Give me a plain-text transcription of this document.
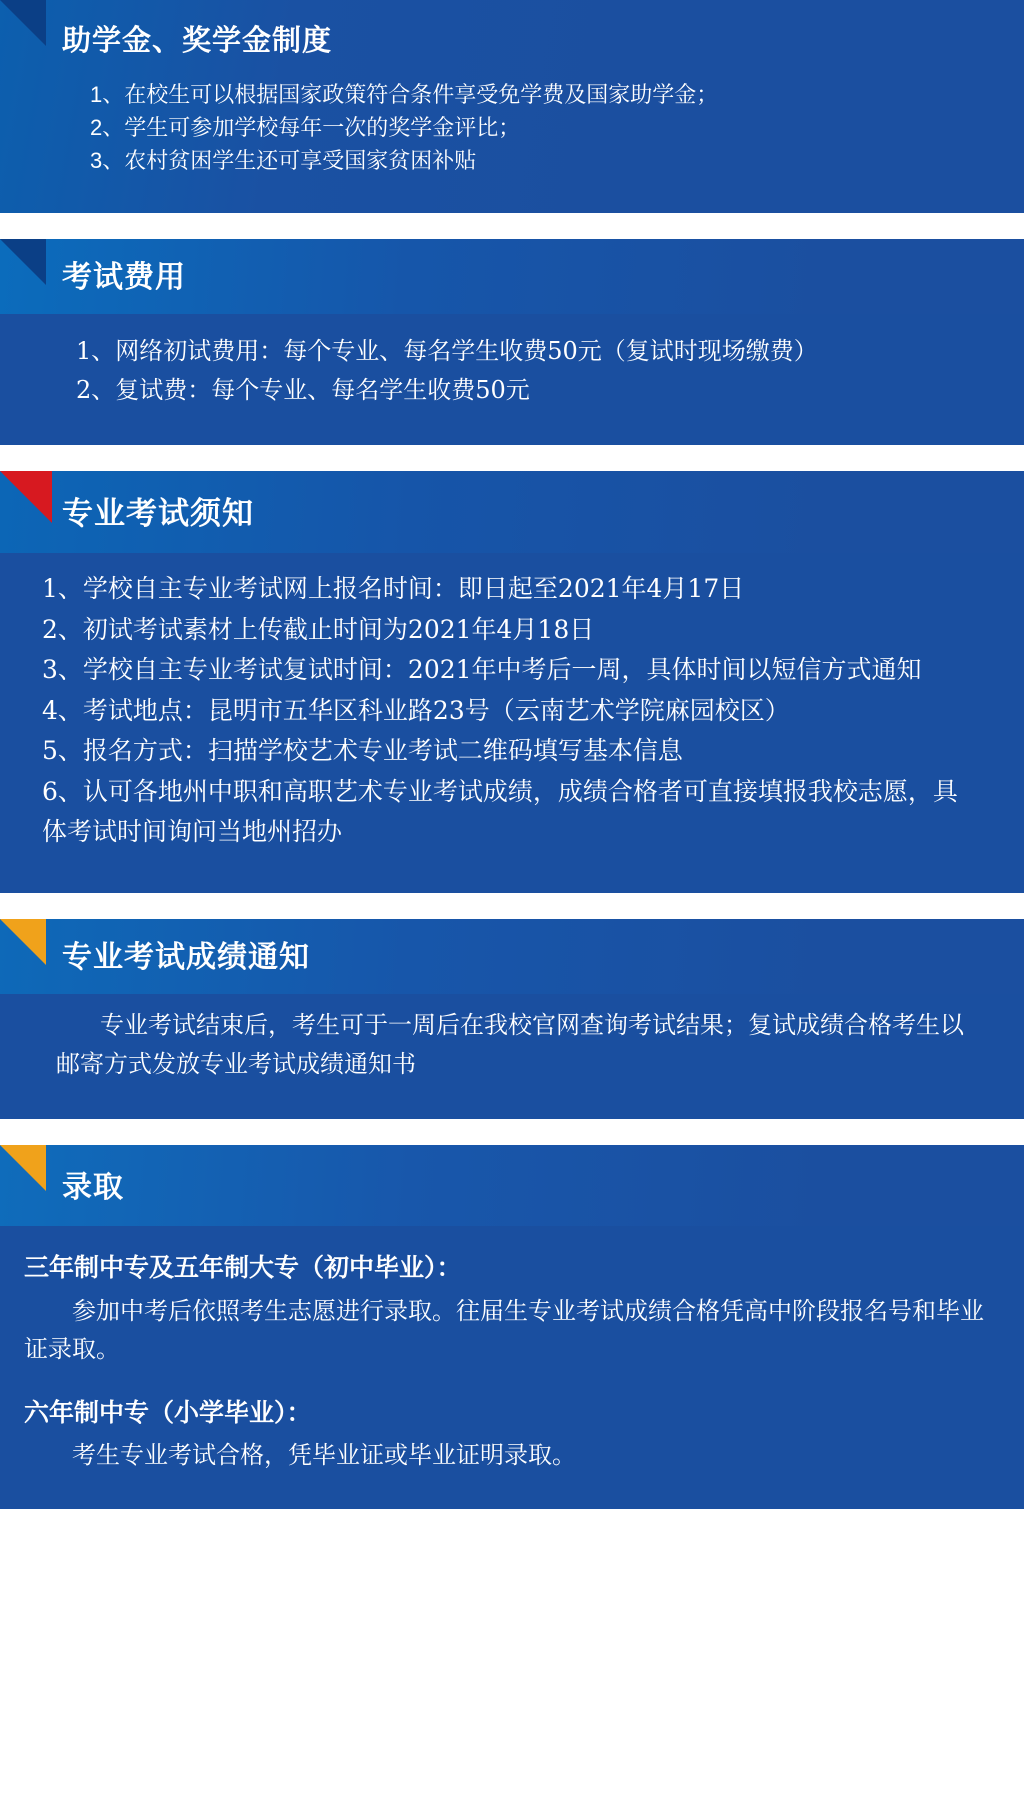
助学金、奖学金制度

1、在校生可以根据国家政策符合条件享受免学费及国家助学金；

2、学生可参加学校每年一次的奖学金评比；

3、农村贫困学生还可享受国家贫困补贴

考试费用

1、网络初试费用：每个专业、每名学生收费50元（复试时现场缴费）

2、复试费：每个专业、每名学生收费50元

专业考试须知

1、学校自主专业考试网上报名时间：即日起至2021年4月17日

2、初试考试素材上传截止时间为2021年4月18日

3、学校自主专业考试复试时间：2021年中考后一周，具体时间以短信方式通知

4、考试地点：昆明市五华区科业路23号（云南艺术学院麻园校区）

5、报名方式：扫描学校艺术专业考试二维码填写基本信息

6、认可各地州中职和高职艺术专业考试成绩，成绩合格者可直接填报我校志愿，具体考试时间询问当地州招办

专业考试成绩通知

专业考试结束后，考生可于一周后在我校官网查询考试结果；复试成绩合格考生以邮寄方式发放专业考试成绩通知书

录取
三年制中专及五年制大专（初中毕业）：

参加中考后依照考生志愿进行录取。往届生专业考试成绩合格凭高中阶段报名号和毕业证录取。

六年制中专（小学毕业）：

考生专业考试合格，凭毕业证或毕业证明录取。
